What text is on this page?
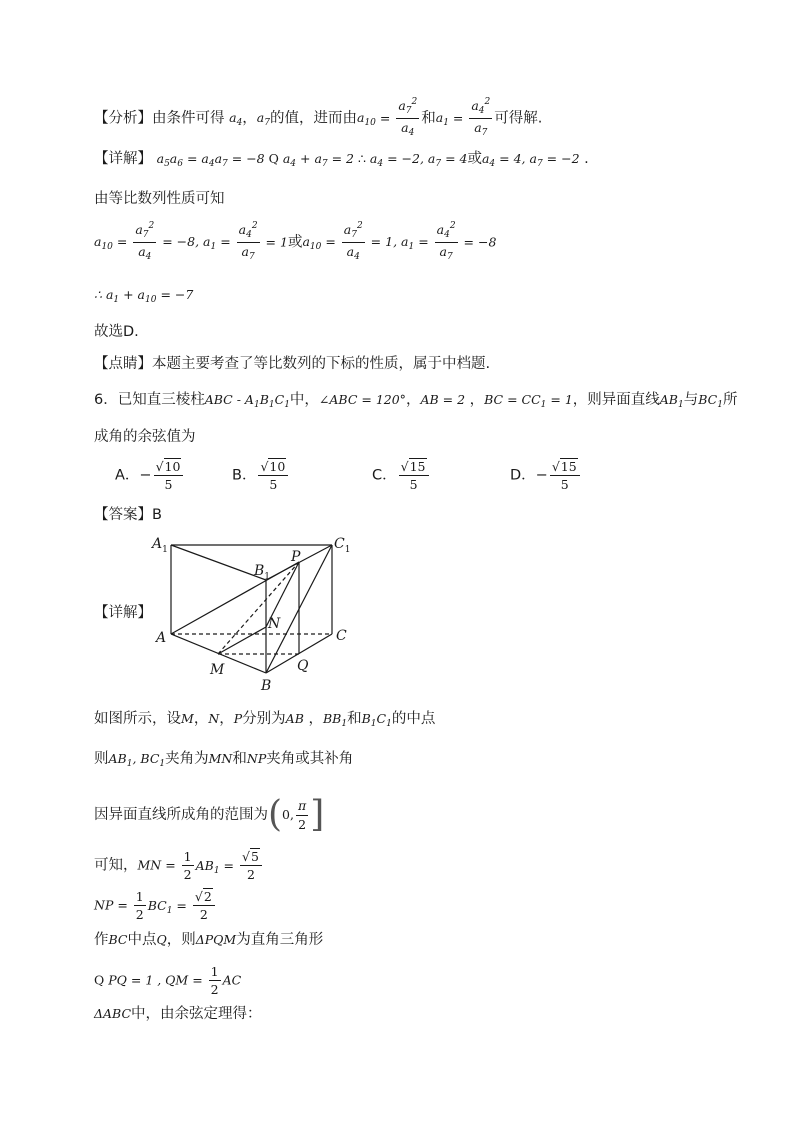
【分析】由条件可得 $a_4$，$a_7$的值，进而由$a_{10} = \frac{a_7^2}{a_4}$ 和$a_1 = \frac{a_4^2}{a_7}$ 可得解.
【详解】 $a_5a_6 = a_4a_7 = -8$ Q $a_4 + a_7 = 2$ ∴ $a_4 = -2$, $a_7 = 4$或$a_4 = 4$, $a_7 = -2$ .
由等比数列性质可知
$a_{10} = \frac{a_7^2}{a_4} = -8$, $a_1 = \frac{a_4^2}{a_7} = 1$或$a_{10} = \frac{a_7^2}{a_4} = 1$, $a_1 = \frac{a_4^2}{a_7} = -8$
∴ $a_1 + a_{10} = -7$
故选D.
【点睛】本题主要考查了等比数列的下标的性质，属于中档题.
6．已知直三棱柱ABC - $A_1B_1C_1$中，∠ABC = 120°，AB = 2 ，BC = $CC_1 = 1$，则异面直线$AB_1$与$BC_1$所
成角的余弦值为
A．− $\frac{√10}{5}$	B． $\frac{√10}{5}$	C． $\frac{√15}{5}$	D．− $\frac{√15}{5}$
【答案】B
$A_1$
$B_1$
$C_1$
P
N
A	C
M	Q
B
【详解】
如图所示，设M，N，P分别为AB ，$BB_1$和$B_1C_1$的中点
则$AB_1$, $BC_1$夹角为MN和NP夹角或其补角
因异面直线所成角的范围为(0, $\frac{\pi}{2}$ ]
可知，MN = $\frac{1}{2} AB_1 = \frac{√5}{2}$
NP = $\frac{1}{2} BC_1 = \frac{√2}{2}$
作BC中点Q，则ΔPQM为直角三角形
Q PQ = 1 , QM = $\frac{1}{2}$ AC
ΔABC中，由余弦定理得：
